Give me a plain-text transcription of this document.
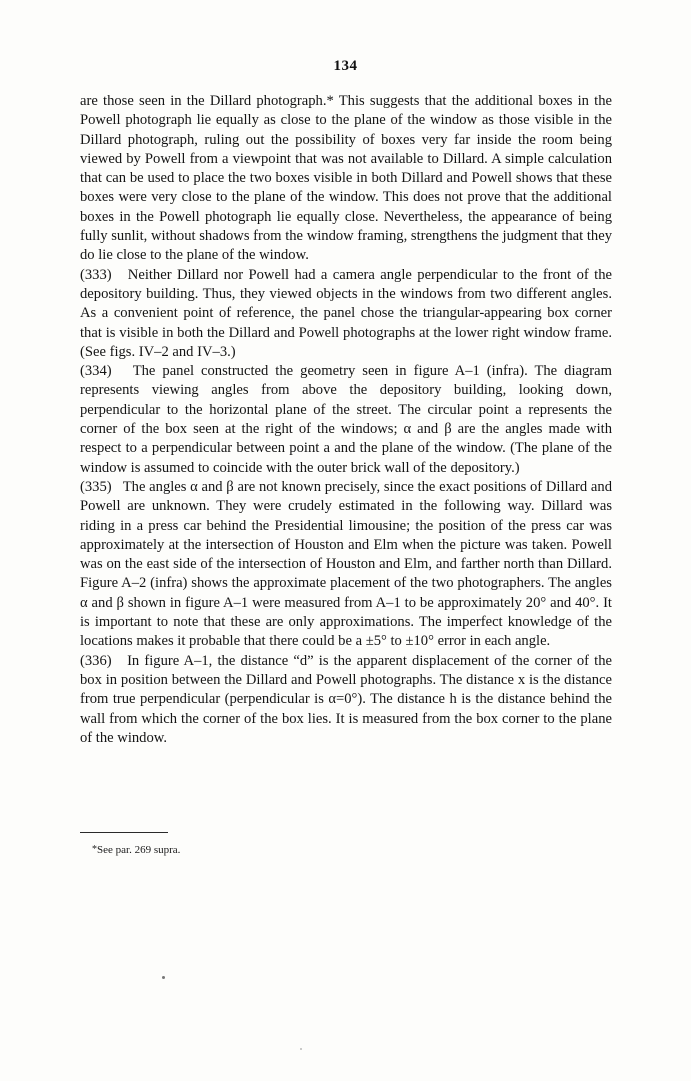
134

are those seen in the Dillard photograph.* This suggests that the additional boxes in the Powell photograph lie equally as close to the plane of the window as those visible in the Dillard photograph, ruling out the possibility of boxes very far inside the room being viewed by Powell from a viewpoint that was not available to Dillard. A simple calculation that can be used to place the two boxes visible in both Dillard and Powell shows that these boxes were very close to the plane of the window. This does not prove that the additional boxes in the Powell photograph lie equally close. Nevertheless, the appearance of being fully sunlit, without shadows from the window framing, strengthens the judgment that they do lie close to the plane of the window.

(333) Neither Dillard nor Powell had a camera angle perpendicular to the front of the depository building. Thus, they viewed objects in the windows from two different angles. As a convenient point of reference, the panel chose the triangular-appearing box corner that is visible in both the Dillard and Powell photographs at the lower right window frame. (See figs. IV–2 and IV–3.)

(334) The panel constructed the geometry seen in figure A–1 (infra). The diagram represents viewing angles from above the depository building, looking down, perpendicular to the horizontal plane of the street. The circular point a represents the corner of the box seen at the right of the windows; α and β are the angles made with respect to a perpendicular between point a and the plane of the window. (The plane of the window is assumed to coincide with the outer brick wall of the depository.)

(335) The angles α and β are not known precisely, since the exact positions of Dillard and Powell are unknown. They were crudely estimated in the following way. Dillard was riding in a press car behind the Presidential limousine; the position of the press car was approximately at the intersection of Houston and Elm when the picture was taken. Powell was on the east side of the intersection of Houston and Elm, and farther north than Dillard. Figure A–2 (infra) shows the approximate placement of the two photographers. The angles α and β shown in figure A–1 were measured from A–1 to be approximately 20° and 40°. It is important to note that these are only approximations. The imperfect knowledge of the locations makes it probable that there could be a ±5° to ±10° error in each angle.

(336) In figure A–1, the distance “d” is the apparent displacement of the corner of the box in position between the Dillard and Powell photographs. The distance x is the distance from true perpendicular (perpendicular is α=0°). The distance h is the distance behind the wall from which the corner of the box lies. It is measured from the box corner to the plane of the window.

*See par. 269 supra.
